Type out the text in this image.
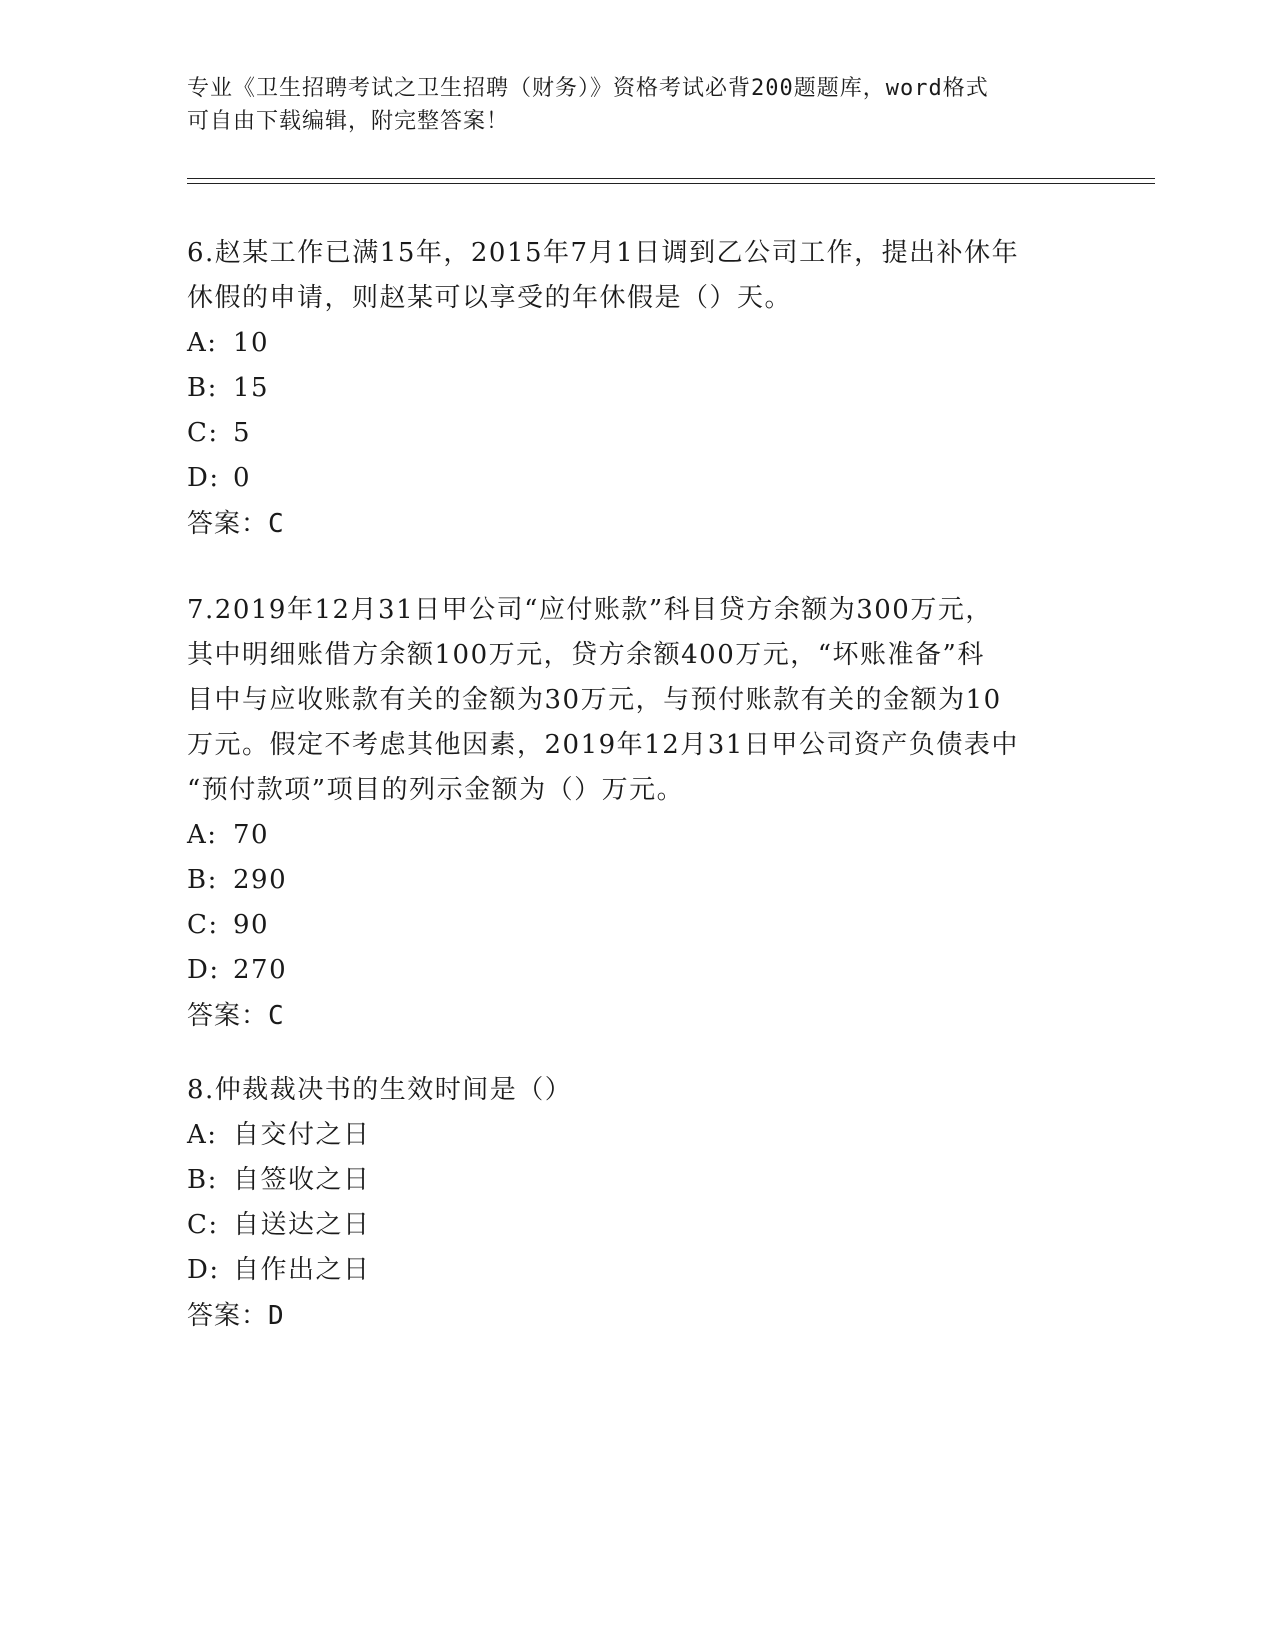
专业《卫生招聘考试之卫生招聘（财务）》资格考试必背200题题库，word格式
可自由下载编辑，附完整答案！

6.赵某工作已满15年，2015年7月1日调到乙公司工作，提出补休年

休假的申请，则赵某可以享受的年休假是（）天。

A: 10

B: 15

C: 5

D: 0

答案：C

7.2019年12月31日甲公司“应付账款”科目贷方余额为300万元，

其中明细账借方余额100万元，贷方余额400万元，“坏账准备”科

目中与应收账款有关的金额为30万元，与预付账款有关的金额为10

万元。假定不考虑其他因素，2019年12月31日甲公司资产负债表中

“预付款项”项目的列示金额为（）万元。

A: 70

B: 290

C: 90

D: 270

答案：C

8.仲裁裁决书的生效时间是（）

A: 自交付之日

B: 自签收之日

C: 自送达之日

D: 自作出之日

答案：D
